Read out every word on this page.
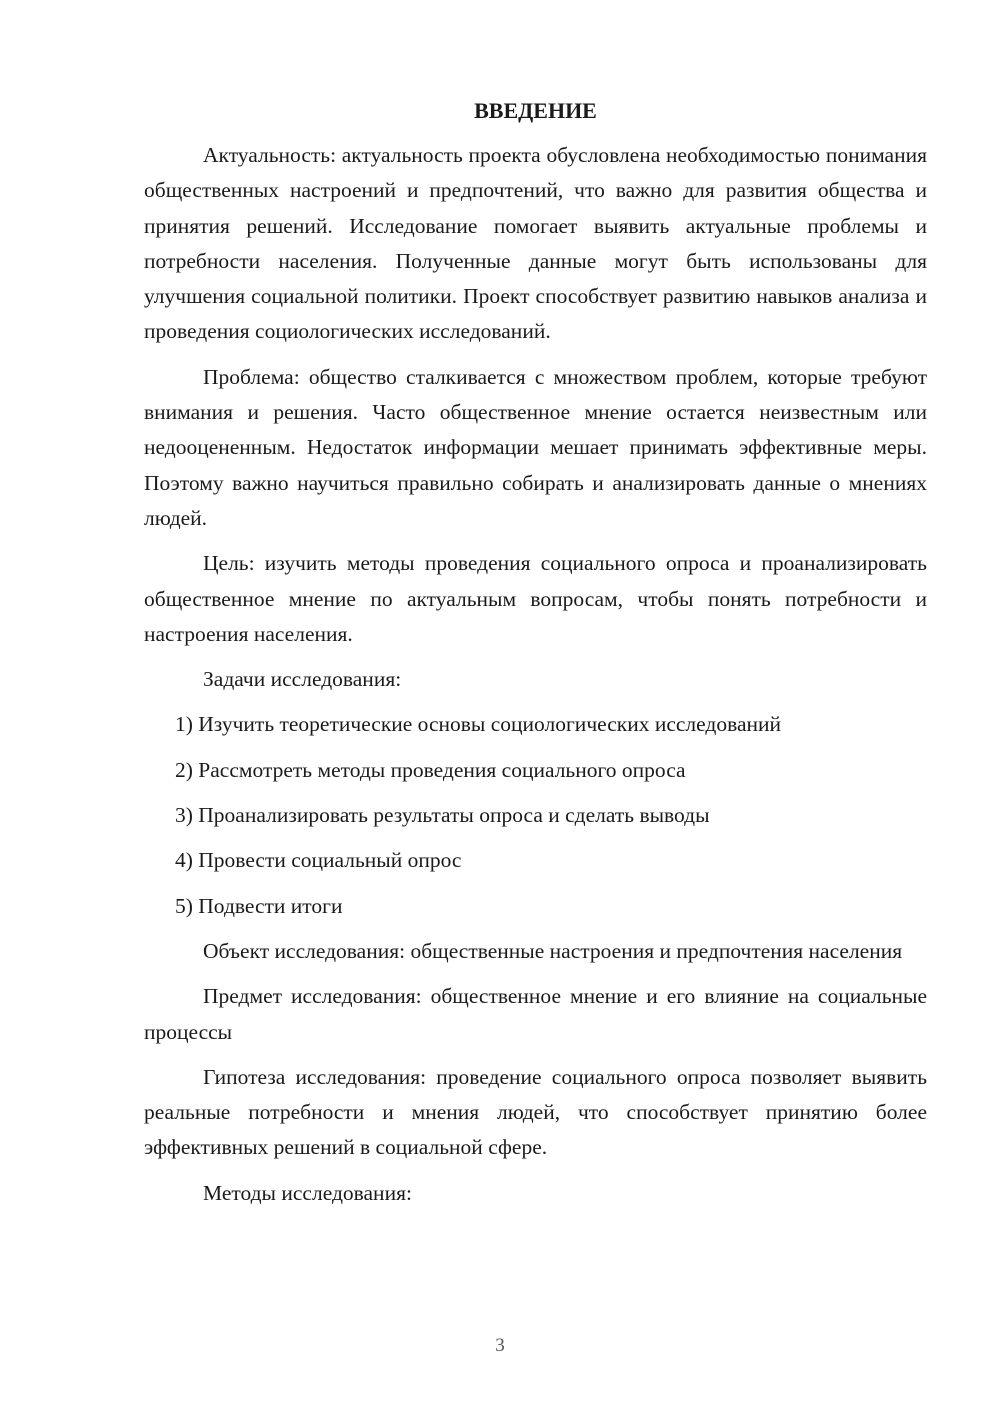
ВВЕДЕНИЕ

Актуальность: актуальность проекта обусловлена необходимостью понимания общественных настроений и предпочтений, что важно для развития общества и принятия решений. Исследование помогает выявить актуальные проблемы и потребности населения. Полученные данные могут быть использованы для улучшения социальной политики. Проект способствует развитию навыков анализа и проведения социологических исследований.

Проблема: общество сталкивается с множеством проблем, которые требуют внимания и решения. Часто общественное мнение остается неизвестным или недооцененным. Недостаток информации мешает принимать эффективные меры. Поэтому важно научиться правильно собирать и анализировать данные о мнениях людей.

Цель: изучить методы проведения социального опроса и проанализировать общественное мнение по актуальным вопросам, чтобы понять потребности и настроения населения.

Задачи исследования:

1) Изучить теоретические основы социологических исследований

2) Рассмотреть методы проведения социального опроса

3) Проанализировать результаты опроса и сделать выводы

4) Провести социальный опрос

5) Подвести итоги

Объект исследования: общественные настроения и предпочтения населения

Предмет исследования: общественное мнение и его влияние на социальные процессы

Гипотеза исследования: проведение социального опроса позволяет выявить реальные потребности и мнения людей, что способствует принятию более эффективных решений в социальной сфере.

Методы исследования:

3
